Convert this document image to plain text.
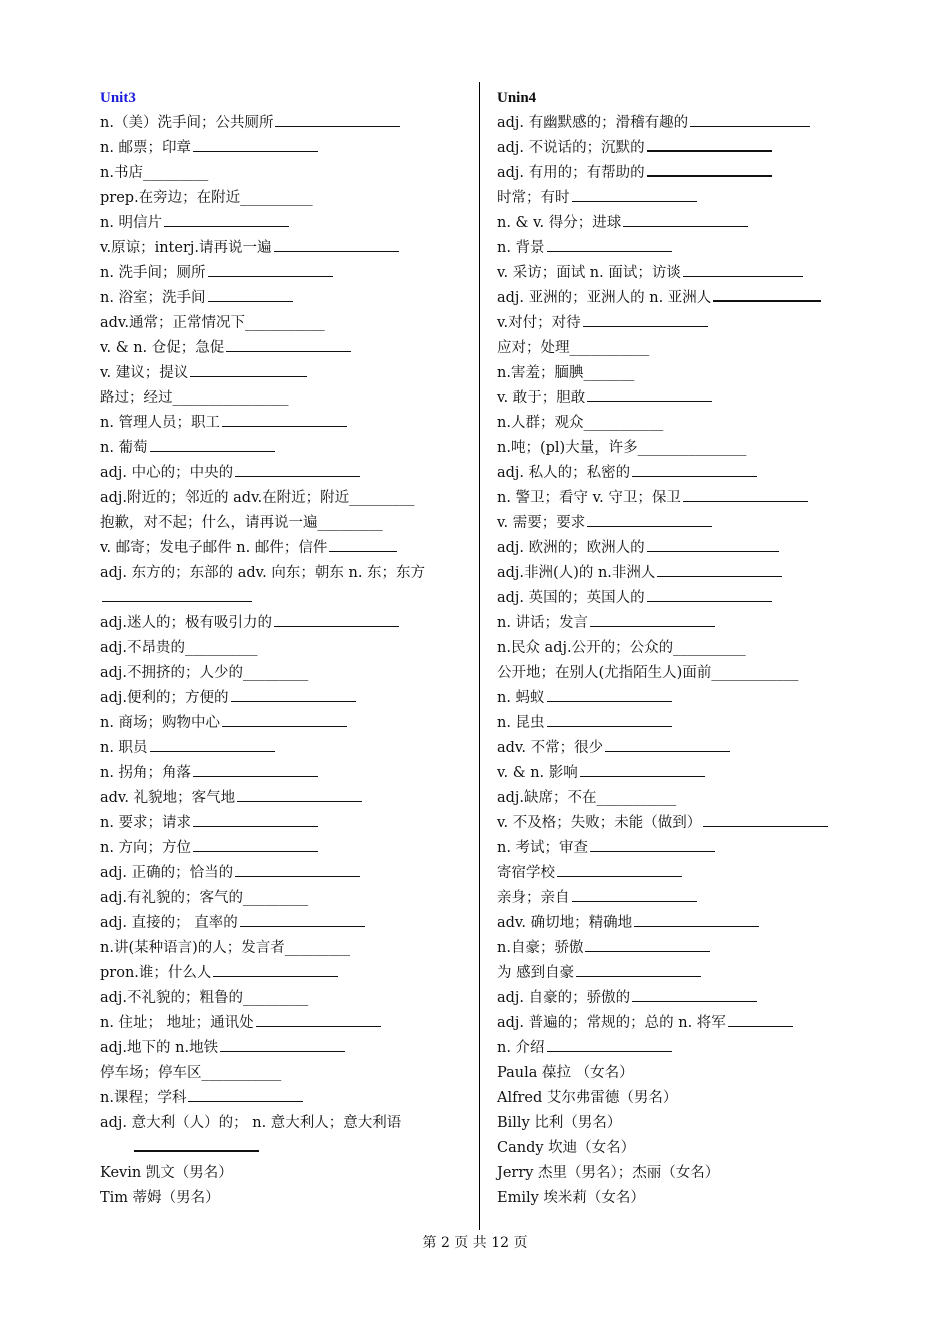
Unit3
n.（美）洗手间；公共厕所
n. 邮票；印章
n.书店_________
prep.在旁边；在附近__________
n. 明信片
v.原谅；interj.请再说一遍
n. 洗手间；厕所
n. 浴室；洗手间
adv.通常；正常情况下___________
v. & n. 仓促；急促
v. 建议；提议
路过；经过________________
n. 管理人员；职工
n. 葡萄
adj. 中心的；中央的
adj.附近的；邻近的 adv.在附近；附近_________
抱歉，对不起；什么，请再说一遍_________
v. 邮寄；发电子邮件 n. 邮件；信件
adj. 东方的；东部的 adv. 向东；朝东 n. 东；东方
adj.迷人的；极有吸引力的
adj.不昂贵的__________
adj.不拥挤的；人少的_________
adj.便利的；方便的
n. 商场；购物中心
n. 职员
n. 拐角；角落
adv. 礼貌地；客气地
n. 要求；请求
n. 方向；方位
adj. 正确的；恰当的
adj.有礼貌的；客气的_________
adj. 直接的； 直率的
n.讲(某种语言)的人；发言者_________
pron.谁；什么人
adj.不礼貌的；粗鲁的_________
n. 住址； 地址；通讯处
adj.地下的 n.地铁
停车场；停车区___________
n.课程；学科
adj. 意大利（人）的； n. 意大利人；意大利语
Kevin 凯文（男名）
Tim 蒂姆（男名）
Unin4
adj. 有幽默感的；滑稽有趣的
adj. 不说话的；沉默的
adj. 有用的；有帮助的
时常；有时
n. & v. 得分；进球
n. 背景
v. 采访；面试 n. 面试；访谈
adj. 亚洲的；亚洲人的 n. 亚洲人
v.对付；对待
应对；处理___________
n.害羞；腼腆_______
v. 敢于；胆敢
n.人群；观众___________
n.吨；(pl)大量，许多_______________
adj. 私人的；私密的
n. 警卫；看守 v. 守卫；保卫
v. 需要；要求
adj. 欧洲的；欧洲人的
adj.非洲(人)的 n.非洲人
adj. 英国的；英国人的
n. 讲话；发言
n.民众 adj.公开的；公众的__________
公开地；在别人(尤指陌生人)面前____________
n. 蚂蚁
n. 昆虫
adv. 不常；很少
v. & n. 影响
adj.缺席；不在___________
v. 不及格；失败；未能（做到）
n. 考试；审查
寄宿学校
亲身；亲自
adv. 确切地；精确地
n.自豪；骄傲
为 感到自豪
adj. 自豪的；骄傲的
adj. 普遍的；常规的；总的 n. 将军
n. 介绍
Paula 葆拉 （女名）
Alfred 艾尔弗雷德（男名）
Billy 比利（男名）
Candy 坎迪（女名）
Jerry 杰里（男名）；杰丽（女名）
Emily 埃米莉（女名）
第 2 页 共 12 页
